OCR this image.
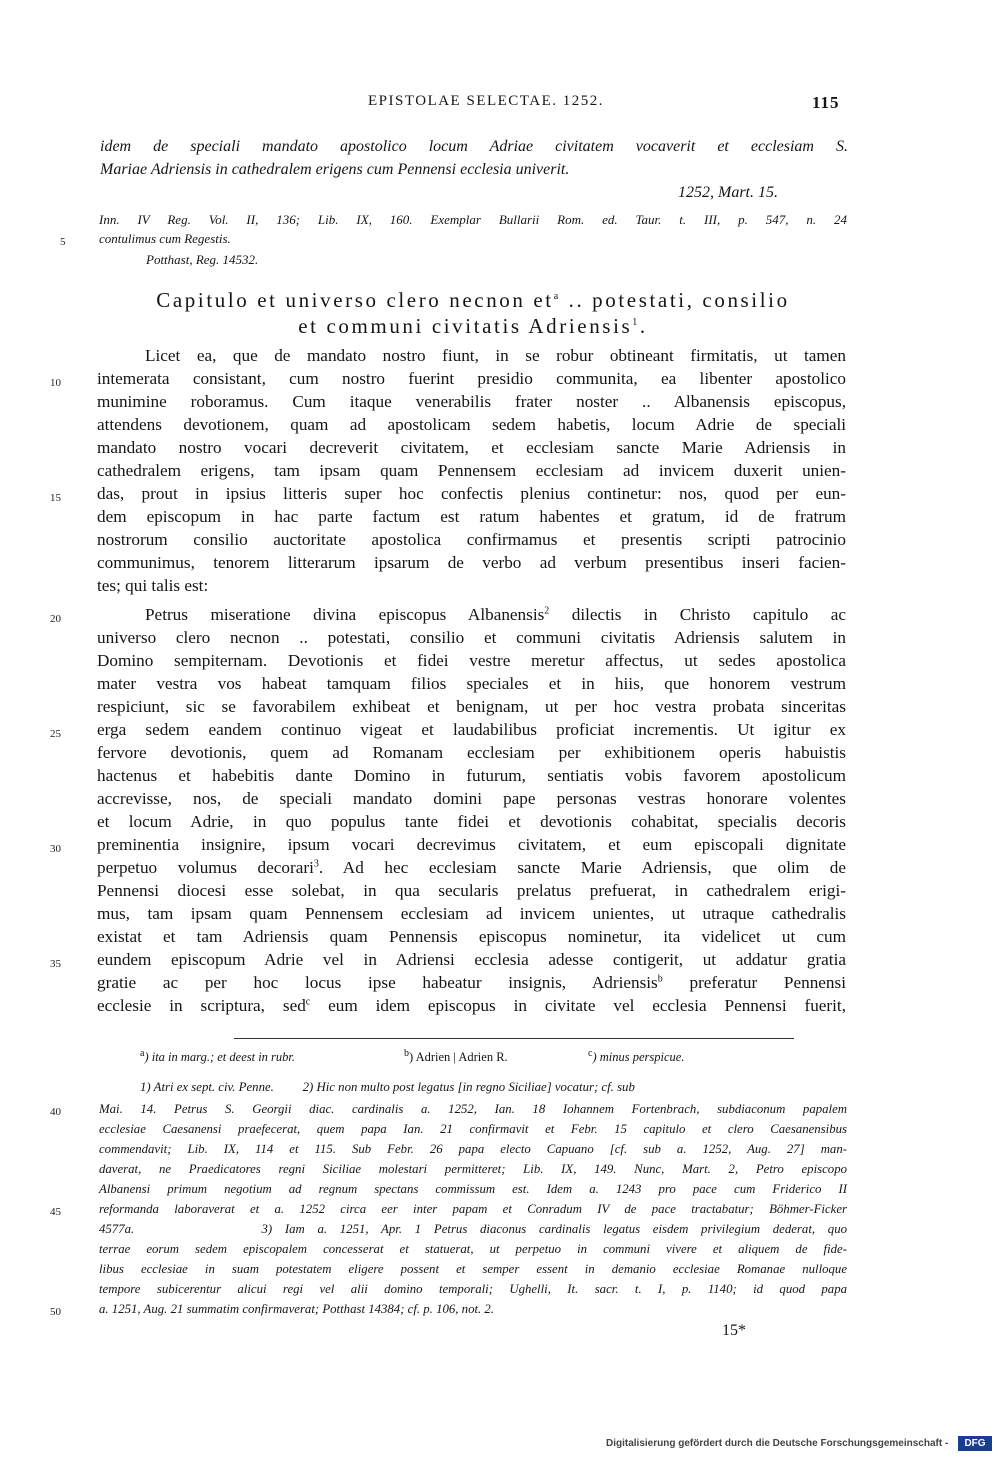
EPISTOLAE SELECTAE. 1252.	115
idem de speciali mandato apostolico locum Adriae civitatem vocaverit et ecclesiam S.
Mariae Adriensis in cathedralem erigens cum Pennensi ecclesia univerit.
1252, Mart. 15.
Inn. IV Reg. Vol. II, 136; Lib. IX, 160. Exemplar Bullarii Rom. ed. Taur. t. III, p. 547, n. 24
contulimus cum Regestis.
Potthast, Reg. 14532.
Capitulo et universo clero necnon $et^a$ .. potestati, consilio
et communi civitatis Adriensis$^1$.
Licet ea, que de mandato nostro fiunt, in se robur obtineant firmitatis, ut tamen
intemerata consistant, cum nostro fuerint presidio communita, ea libenter apostolico
munimine roboramus. Cum itaque venerabilis frater noster .. Albanensis episcopus,
attendens devotionem, quam ad apostolicam sedem habetis, locum Adrie de speciali
mandato nostro vocari decreverit civitatem, et ecclesiam sancte Marie Adriensis in
cathedralem erigens, tam ipsam quam Pennensem ecclesiam ad invicem duxerit unien-
das, prout in ipsius litteris super hoc confectis plenius continetur: nos, quod per eun-
dem episcopum in hac parte factum est ratum habentes et gratum, id de fratrum
nostrorum consilio auctoritate apostolica confirmamus et presentis scripti patrocinio
communimus, tenorem litterarum ipsarum de verbo ad verbum presentibus inseri facien-
tes; qui talis est:
Petrus miseratione divina episcopus Albanensis$^2$ dilectis in Christo capitulo ac
universo clero necnon .. potestati, consilio et communi civitatis Adriensis salutem in
Domino sempiternam. Devotionis et fidei vestre meretur affectus, ut sedes apostolica
mater vestra vos habeat tamquam filios speciales et in hiis, que honorem vestrum
respiciunt, sic se favorabilem exhibeat et benignam, ut per hoc vestra probata sinceritas
erga sedem eandem continuo vigeat et laudabilibus proficiat incrementis. Ut igitur ex
fervore devotionis, quem ad Romanam ecclesiam per exhibitionem operis habuistis
hactenus et habebitis dante Domino in futurum, sentiatis vobis favorem apostolicum
accrevisse, nos, de speciali mandato domini pape personas vestras honorare volentes
et locum Adrie, in quo populus tante fidei et devotionis cohabitat, specialis decoris
preminentia insignire, ipsum vocari decrevimus civitatem, et eum episcopali dignitate
perpetuo volumus decorari$^3$. Ad hec ecclesiam sancte Marie Adriensis, que olim de
Pennensi diocesi esse solebat, in qua secularis prelatus prefuerat, in cathedralem erigi-
mus, tam ipsam quam Pennensem ecclesiam ad invicem unientes, ut utraque cathedralis
existat et tam Adriensis quam Pennensis episcopus nominetur, ita videlicet ut cum
eundem episcopum Adrie vel in Adriensi ecclesia adesse contigerit, ut addatur gratia
gratie ac per hoc locus ipse habeatur insignis, Adriensis$^b$ preferatur Pennensi
ecclesie in scriptura, sed$^c$ eum idem episcopus in civitate vel ecclesia Pennensi fuerit,
$^a$) ita in marg.; et deest in rubr.	$^b$) Adrien | Adrien R.	$^c$) minus perspicue.
1) Atri ex sept. civ. Penne.         2) Hic non multo post legatus [in regno Siciliae] vocatur; cf. sub
Mai. 14. Petrus S. Georgii diac. cardinalis a. 1252, Ian. 18 Iohannem Fortenbrach, subdiaconum papalem
ecclesiae Caesanensi praefecerat, quem papa Ian. 21 confirmavit et Febr. 15 capitulo et clero Caesanensibus
commendavit; Lib. IX, 114 et 115. Sub Febr. 26 papa electo Capuano [cf. sub a. 1252, Aug. 27] man-
daverat, ne Praedicatores regni Siciliae molestari permitteret; Lib. IX, 149. Nunc, Mart. 2, Petro episcopo
Albanensi primum negotium ad regnum spectans commissum est. Idem a. 1243 pro pace cum Friderico II
reformanda laboraverat et a. 1252 circa eer inter papam et Conradum IV de pace tractabatur; Böhmer-Ficker
4577a.          3) Iam a. 1251, Apr. 1 Petrus diaconus cardinalis legatus eisdem privilegium dederat, quo
terrae eorum sedem episcopalem concesserat et statuerat, ut perpetuo in communi vivere et aliquem de fide-
libus ecclesiae in suam potestatem eligere possent et semper essent in demanio ecclesiae Romanae nulloque
tempore subicerentur alicui regi vel alii domino temporali; Ughelli, It. sacr. t. I, p. 1140; id quod papa
a. 1251, Aug. 21 summatim confirmaverat; Potthast 14384; cf. p. 106, not. 2.
15*
5
10
15
20
25
30
35
40
45
50
Digitalisierung gefördert durch die Deutsche Forschungsgemeinschaft -	DFG
